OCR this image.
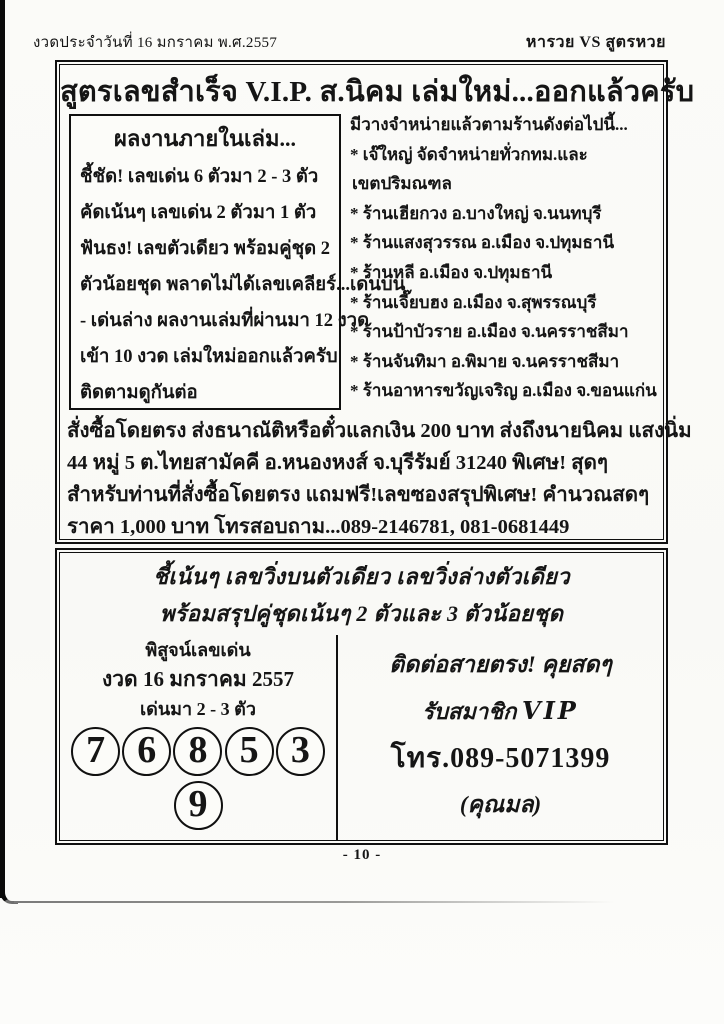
งวดประจำวันที่ 16 มกราคม พ.ศ.2557	หารวย VS สูตรหวย
สูตรเลขสำเร็จ V.I.P. ส.นิคม เล่มใหม่...ออกแล้วครับ
ผลงานภายในเล่ม...
ชี้ชัด! เลขเด่น 6 ตัวมา 2 - 3 ตัว
คัดเน้นๆ เลขเด่น 2 ตัวมา 1 ตัว
ฟันธง! เลขตัวเดียว พร้อมคู่ชุด 2
ตัวน้อยชุด พลาดไม่ได้เลขเคลียร์...เด่นบน
- เด่นล่าง ผลงานเล่มที่ผ่านมา 12 งวด
เข้า 10 งวด เล่มใหม่ออกแล้วครับ
ติดตามดูกันต่อ
มีวางจำหน่ายแล้วตามร้านดังต่อไปนี้...
* เจ๊ใหญ่ จัดจำหน่ายทั่วกทม.และ
เขตปริมณฑล
* ร้านเฮียกวง อ.บางใหญ่ จ.นนทบุรี
* ร้านแสงสุวรรณ อ.เมือง จ.ปทุมธานี
* ร้านหลี อ.เมือง จ.ปทุมธานี
* ร้านเจี๊ยบฮง อ.เมือง จ.สุพรรณบุรี
* ร้านป้าบัวราย อ.เมือง จ.นครราชสีมา
* ร้านจันทิมา อ.พิมาย จ.นครราชสีมา
* ร้านอาหารขวัญเจริญ อ.เมือง จ.ขอนแก่น
สั่งซื้อโดยตรง ส่งธนาณัติหรือตั๋วแลกเงิน 200 บาท ส่งถึงนายนิคม แสงนิ่ม
44 หมู่ 5 ต.ไทยสามัคคี อ.หนองหงส์ จ.บุรีรัมย์ 31240 พิเศษ! สุดๆ
สำหรับท่านที่สั่งซื้อโดยตรง แถมฟรี!เลขซองสรุปพิเศษ! คำนวณสดๆ
ราคา 1,000 บาท โทรสอบถาม...089-2146781, 081-0681449
ชี้เน้นๆ เลขวิ่งบนตัวเดียว เลขวิ่งล่างตัวเดียว
พร้อมสรุปคู่ชุดเน้นๆ 2 ตัวและ 3 ตัวน้อยชุด
พิสูจน์เลขเด่น
งวด 16 มกราคม 2557
เด่นมา 2 - 3 ตัว
7 6 8 5 3
9
ติดต่อสายตรง! คุยสดๆ
รับสมาชิก VIP
โทร.089-5071399
(คุณมล)
- 10 -
